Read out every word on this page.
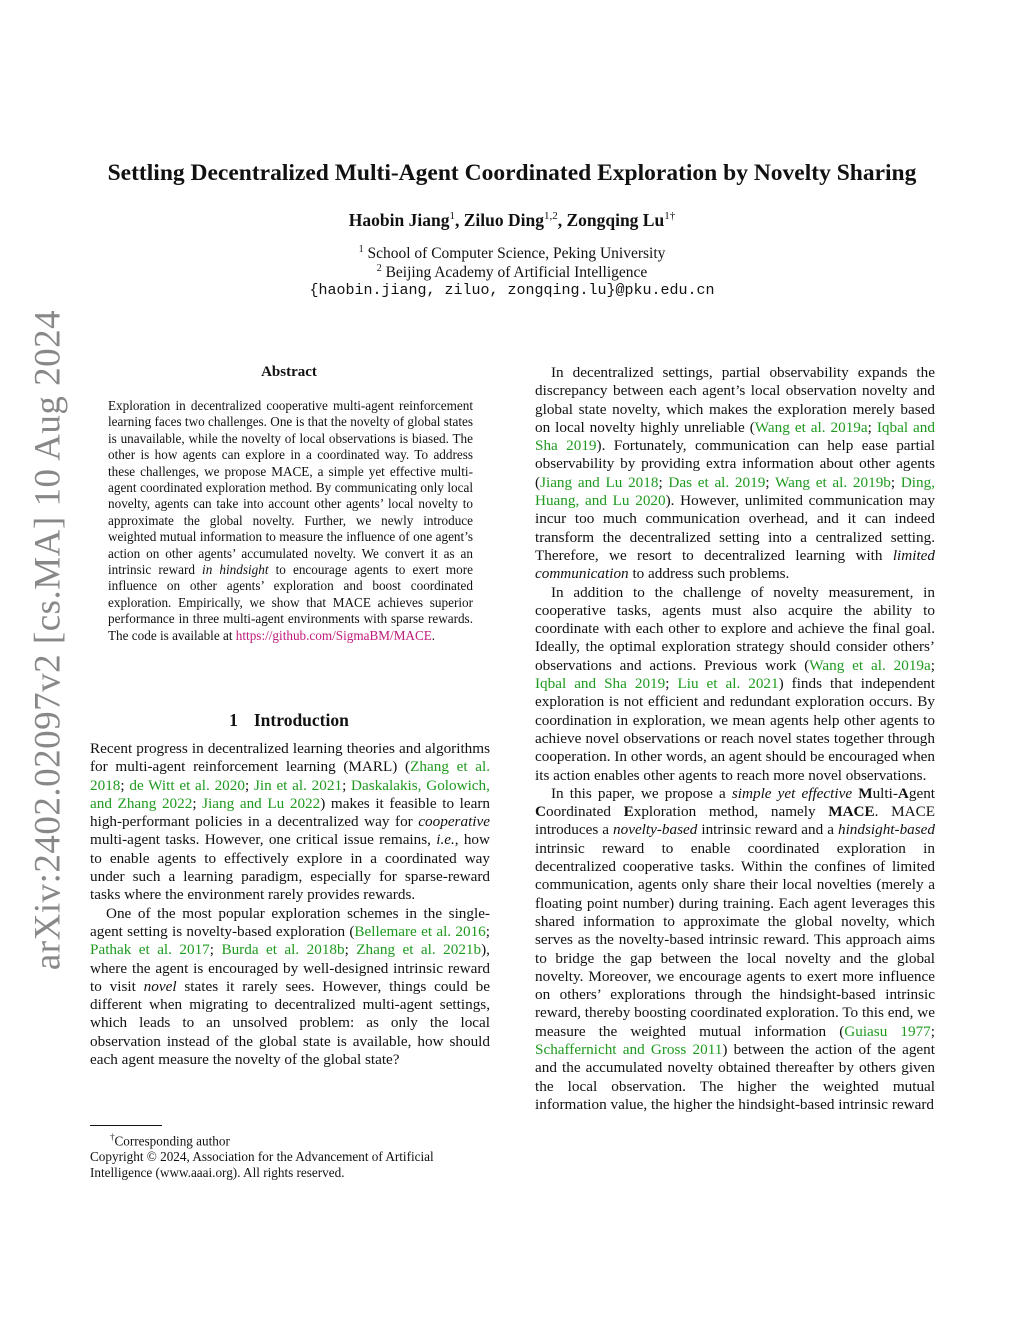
arXiv:2402.02097v2 [cs.MA] 10 Aug 2024
Settling Decentralized Multi-Agent Coordinated Exploration by Novelty Sharing
Haobin Jiang$^1$, Ziluo Ding$^{1,2}$, Zongqing $Lu^{1\dagger}$
$^1$ School of Computer Science, Peking University
$^2$ Beijing Academy of Artificial Intelligence
{haobin.jiang, ziluo, zongqing.lu}@pku.edu.cn
Abstract
Exploration in decentralized cooperative multi-agent reinforcement learning faces two challenges. One is that the novelty of global states is unavailable, while the novelty of local observations is biased. The other is how agents can explore in a coordinated way. To address these challenges, we propose MACE, a simple yet effective multi-agent coordinated exploration method. By communicating only local novelty, agents can take into account other agents’ local novelty to approximate the global novelty. Further, we newly introduce weighted mutual information to measure the influence of one agent’s action on other agents’ accumulated novelty. We convert it as an intrinsic reward in hindsight to encourage agents to exert more influence on other agents’ exploration and boost coordinated exploration. Empirically, we show that MACE achieves superior performance in three multi-agent environments with sparse rewards. The code is available at https://github.com/SigmaBM/MACE.
1 Introduction

Recent progress in decentralized learning theories and algorithms for multi-agent reinforcement learning (MARL) (Zhang et al. 2018; de Witt et al. 2020; Jin et al. 2021; Daskalakis, Golowich, and Zhang 2022; Jiang and Lu 2022) makes it feasible to learn high-performant policies in a decentralized way for cooperative multi-agent tasks. However, one critical issue remains, i.e., how to enable agents to effectively explore in a coordinated way under such a learning paradigm, especially for sparse-reward tasks where the environment rarely provides rewards.

One of the most popular exploration schemes in the single-agent setting is novelty-based exploration (Bellemare et al. 2016; Pathak et al. 2017; Burda et al. 2018b; Zhang et al. 2021b), where the agent is encouraged by well-designed intrinsic reward to visit novel states it rarely sees. However, things could be different when migrating to decentralized multi-agent settings, which leads to an unsolved problem: as only the local observation instead of the global state is available, how should each agent measure the novelty of the global state?

†Corresponding author
Copyright © 2024, Association for the Advancement of Artificial Intelligence (www.aaai.org). All rights reserved.

In decentralized settings, partial observability expands the discrepancy between each agent’s local observation novelty and global state novelty, which makes the exploration merely based on local novelty highly unreliable (Wang et al. 2019a; Iqbal and Sha 2019). Fortunately, communication can help ease partial observability by providing extra information about other agents (Jiang and Lu 2018; Das et al. 2019; Wang et al. 2019b; Ding, Huang, and Lu 2020). However, unlimited communication may incur too much communication overhead, and it can indeed transform the decentralized setting into a centralized setting. Therefore, we resort to decentralized learning with limited communication to address such problems.

In addition to the challenge of novelty measurement, in cooperative tasks, agents must also acquire the ability to coordinate with each other to explore and achieve the final goal. Ideally, the optimal exploration strategy should consider others’ observations and actions. Previous work (Wang et al. 2019a; Iqbal and Sha 2019; Liu et al. 2021) finds that independent exploration is not efficient and redundant exploration occurs. By coordination in exploration, we mean agents help other agents to achieve novel observations or reach novel states together through cooperation. In other words, an agent should be encouraged when its action enables other agents to reach more novel observations.

In this paper, we propose a simple yet effective Multi-Agent Coordinated Exploration method, namely MACE. MACE introduces a novelty-based intrinsic reward and a hindsight-based intrinsic reward to enable coordinated exploration in decentralized cooperative tasks. Within the confines of limited communication, agents only share their local novelties (merely a floating point number) during training. Each agent leverages this shared information to approximate the global novelty, which serves as the novelty-based intrinsic reward. This approach aims to bridge the gap between the local novelty and the global novelty. Moreover, we encourage agents to exert more influence on others’ explorations through the hindsight-based intrinsic reward, thereby boosting coordinated exploration. To this end, we measure the weighted mutual information (Guiasu 1977; Schaffernicht and Gross 2011) between the action of the agent and the accumulated novelty obtained thereafter by others given the local observation. The higher the weighted mutual information value, the higher the hindsight-based intrinsic reward
